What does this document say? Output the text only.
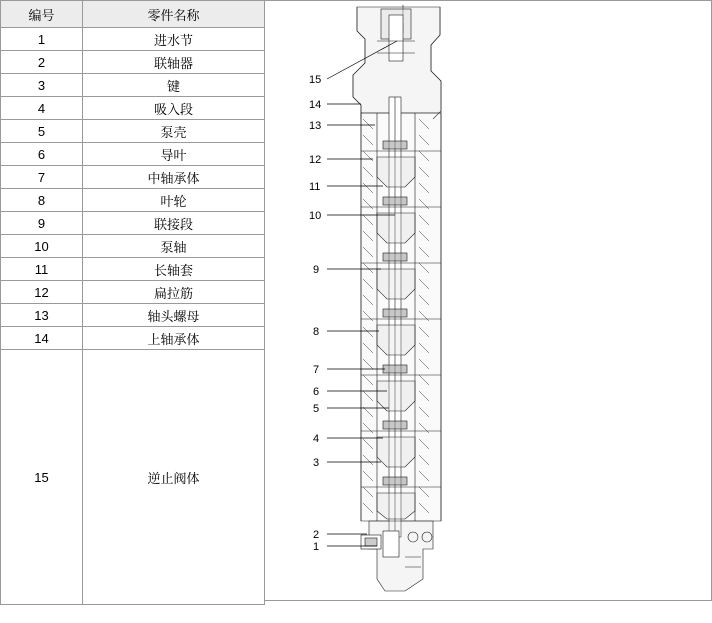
编号	零件名称
1	进水节
2	联轴器
3	键
4	吸入段
5	泵壳
6	导叶
7	中轴承体
8	叶轮
9	联接段
10	泵轴
11	长轴套
12	扁拉筋
13	轴头螺母
14	上轴承体
15	逆止阀体
15
14
13
12
11
10
9
8
7
6
5
4
3
2
1
